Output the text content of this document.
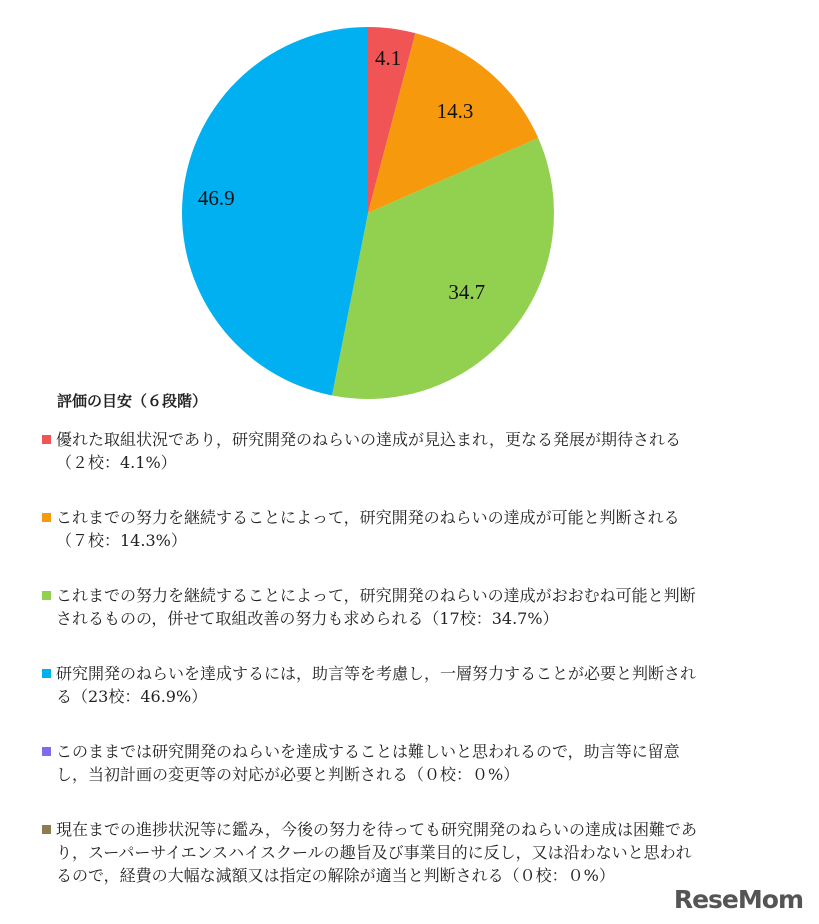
4.1
14.3
34.7
46.9
評価の目安（６段階）
優れた取組状況であり，研究開発のねらいの達成が見込まれ，更なる発展が期待される
（２校：4.1%）
これまでの努力を継続することによって，研究開発のねらいの達成が可能と判断される
（７校：14.3%）
これまでの努力を継続することによって，研究開発のねらいの達成がおおむね可能と判断
されるものの，併せて取組改善の努力も求められる（17校：34.7%）
研究開発のねらいを達成するには，助言等を考慮し，一層努力することが必要と判断され
る（23校：46.9%）
このままでは研究開発のねらいを達成することは難しいと思われるので，助言等に留意
し，当初計画の変更等の対応が必要と判断される（０校：０%）
現在までの進捗状況等に鑑み，今後の努力を待っても研究開発のねらいの達成は困難であ
り，スーパーサイエンスハイスクールの趣旨及び事業目的に反し，又は沿わないと思われ
るので，経費の大幅な減額又は指定の解除が適当と判断される（０校：０%）
ReseMom
